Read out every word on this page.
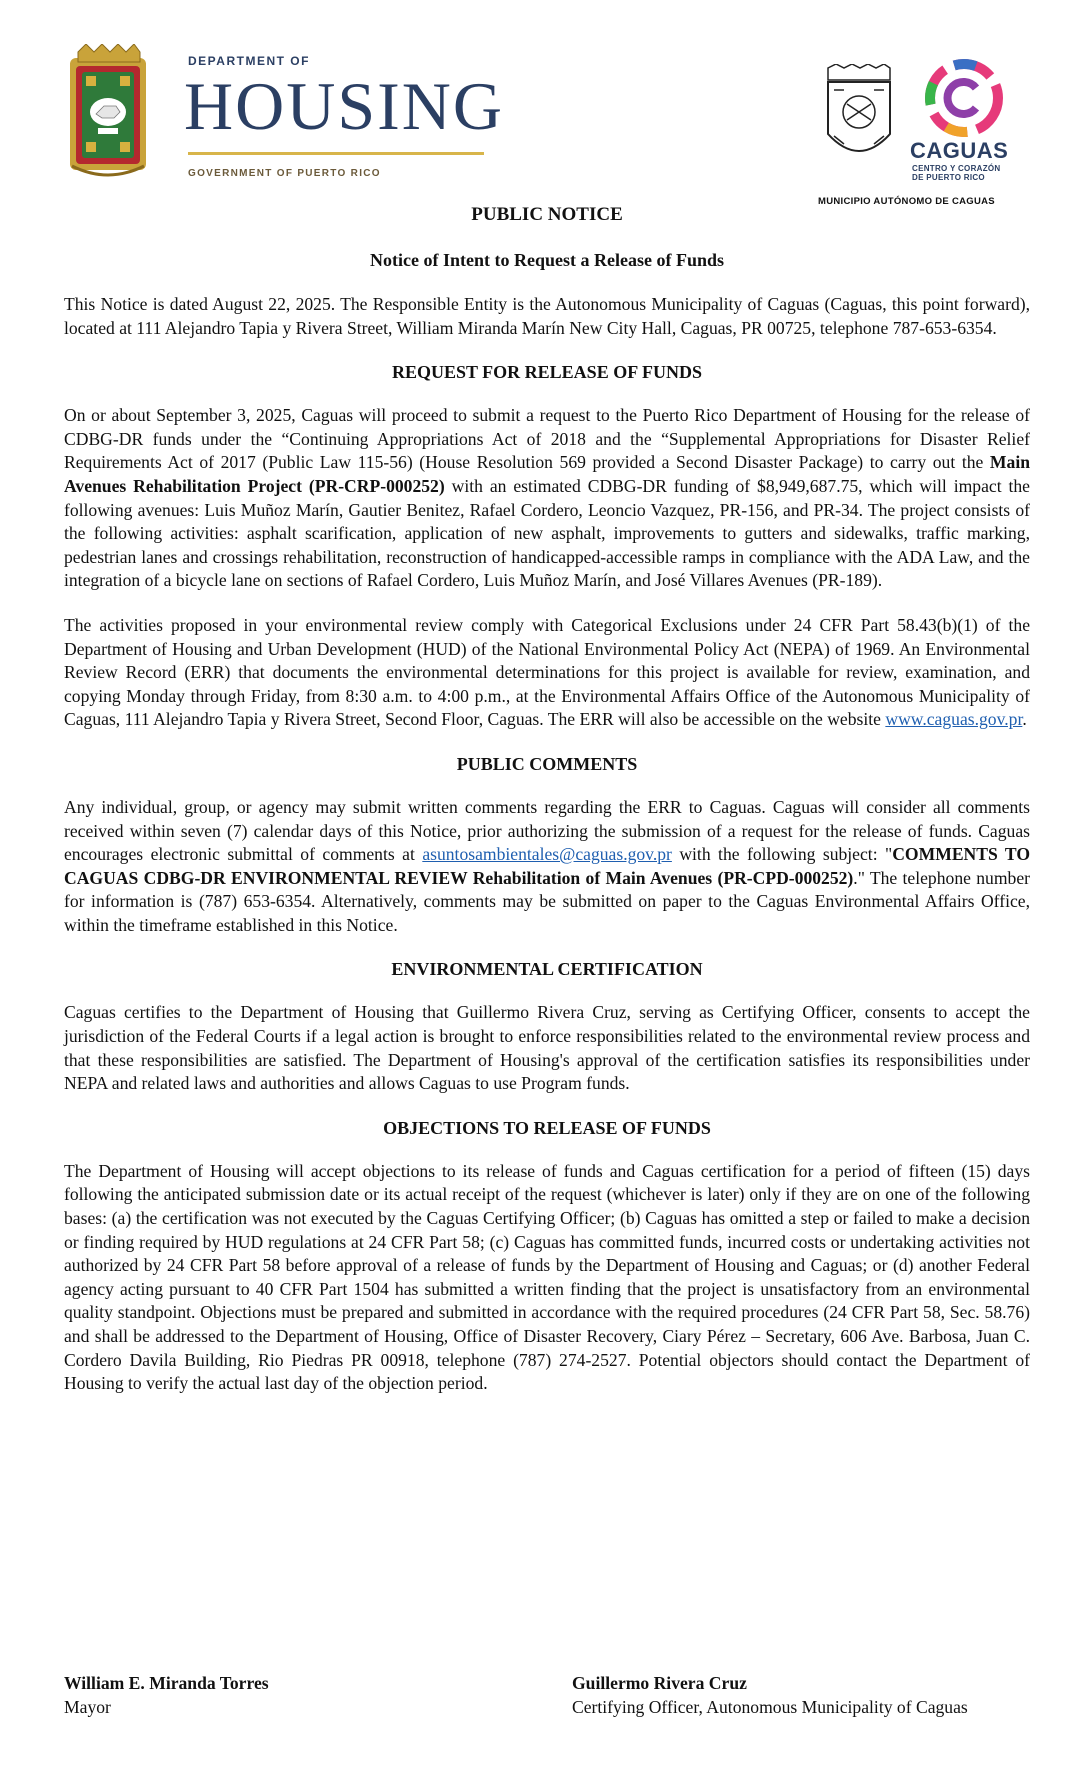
DEPARTMENT OF
HOUSING
GOVERNMENT OF PUERTO RICO
CAGUAS
CENTRO Y CORAZÓN
DE PUERTO RICO
MUNICIPIO AUTÓNOMO DE CAGUAS
PUBLIC NOTICE
Notice of Intent to Request a Release of Funds

This Notice is dated August 22, 2025. The Responsible Entity is the Autonomous Municipality of Caguas (Caguas, this point forward), located at 111 Alejandro Tapia y Rivera Street, William Miranda Marín New City Hall, Caguas, PR 00725, telephone 787-653-6354.

REQUEST FOR RELEASE OF FUNDS

On or about September 3, 2025, Caguas will proceed to submit a request to the Puerto Rico Department of Housing for the release of CDBG-DR funds under the “Continuing Appropriations Act of 2018 and the “Supplemental Appropriations for Disaster Relief Requirements Act of 2017 (Public Law 115-56) (House Resolution 569 provided a Second Disaster Package) to carry out the Main Avenues Rehabilitation Project (PR-CRP-000252) with an estimated CDBG-DR funding of $8,949,687.75, which will impact the following avenues: Luis Muñoz Marín, Gautier Benitez, Rafael Cordero, Leoncio Vazquez, PR-156, and PR-34. The project consists of the following activities: asphalt scarification, application of new asphalt, improvements to gutters and sidewalks, traffic marking, pedestrian lanes and crossings rehabilitation, reconstruction of handicapped-accessible ramps in compliance with the ADA Law, and the integration of a bicycle lane on sections of Rafael Cordero, Luis Muñoz Marín, and José Villares Avenues (PR-189).

The activities proposed in your environmental review comply with Categorical Exclusions under 24 CFR Part 58.43(b)(1) of the Department of Housing and Urban Development (HUD) of the National Environmental Policy Act (NEPA) of 1969. An Environmental Review Record (ERR) that documents the environmental determinations for this project is available for review, examination, and copying Monday through Friday, from 8:30 a.m. to 4:00 p.m., at the Environmental Affairs Office of the Autonomous Municipality of Caguas, 111 Alejandro Tapia y Rivera Street, Second Floor, Caguas. The ERR will also be accessible on the website www.caguas.gov.pr.

PUBLIC COMMENTS

Any individual, group, or agency may submit written comments regarding the ERR to Caguas. Caguas will consider all comments received within seven (7) calendar days of this Notice, prior authorizing the submission of a request for the release of funds. Caguas encourages electronic submittal of comments at asuntosambientales@caguas.gov.pr with the following subject: "COMMENTS TO CAGUAS CDBG-DR ENVIRONMENTAL REVIEW Rehabilitation of Main Avenues (PR-CPD-000252)." The telephone number for information is (787) 653-6354. Alternatively, comments may be submitted on paper to the Caguas Environmental Affairs Office, within the timeframe established in this Notice.

ENVIRONMENTAL CERTIFICATION

Caguas certifies to the Department of Housing that Guillermo Rivera Cruz, serving as Certifying Officer, consents to accept the jurisdiction of the Federal Courts if a legal action is brought to enforce responsibilities related to the environmental review process and that these responsibilities are satisfied. The Department of Housing's approval of the certification satisfies its responsibilities under NEPA and related laws and authorities and allows Caguas to use Program funds.

OBJECTIONS TO RELEASE OF FUNDS

The Department of Housing will accept objections to its release of funds and Caguas certification for a period of fifteen (15) days following the anticipated submission date or its actual receipt of the request (whichever is later) only if they are on one of the following bases: (a) the certification was not executed by the Caguas Certifying Officer; (b) Caguas has omitted a step or failed to make a decision or finding required by HUD regulations at 24 CFR Part 58; (c) Caguas has committed funds, incurred costs or undertaking activities not authorized by 24 CFR Part 58 before approval of a release of funds by the Department of Housing and Caguas; or (d) another Federal agency acting pursuant to 40 CFR Part 1504 has submitted a written finding that the project is unsatisfactory from an environmental quality standpoint. Objections must be prepared and submitted in accordance with the required procedures (24 CFR Part 58, Sec. 58.76) and shall be addressed to the Department of Housing, Office of Disaster Recovery, Ciary Pérez – Secretary, 606 Ave. Barbosa, Juan C. Cordero Davila Building, Rio Piedras PR 00918, telephone (787) 274-2527. Potential objectors should contact the Department of Housing to verify the actual last day of the objection period.

William E. Miranda Torres
Mayor
Guillermo Rivera Cruz
Certifying Officer, Autonomous Municipality of Caguas
